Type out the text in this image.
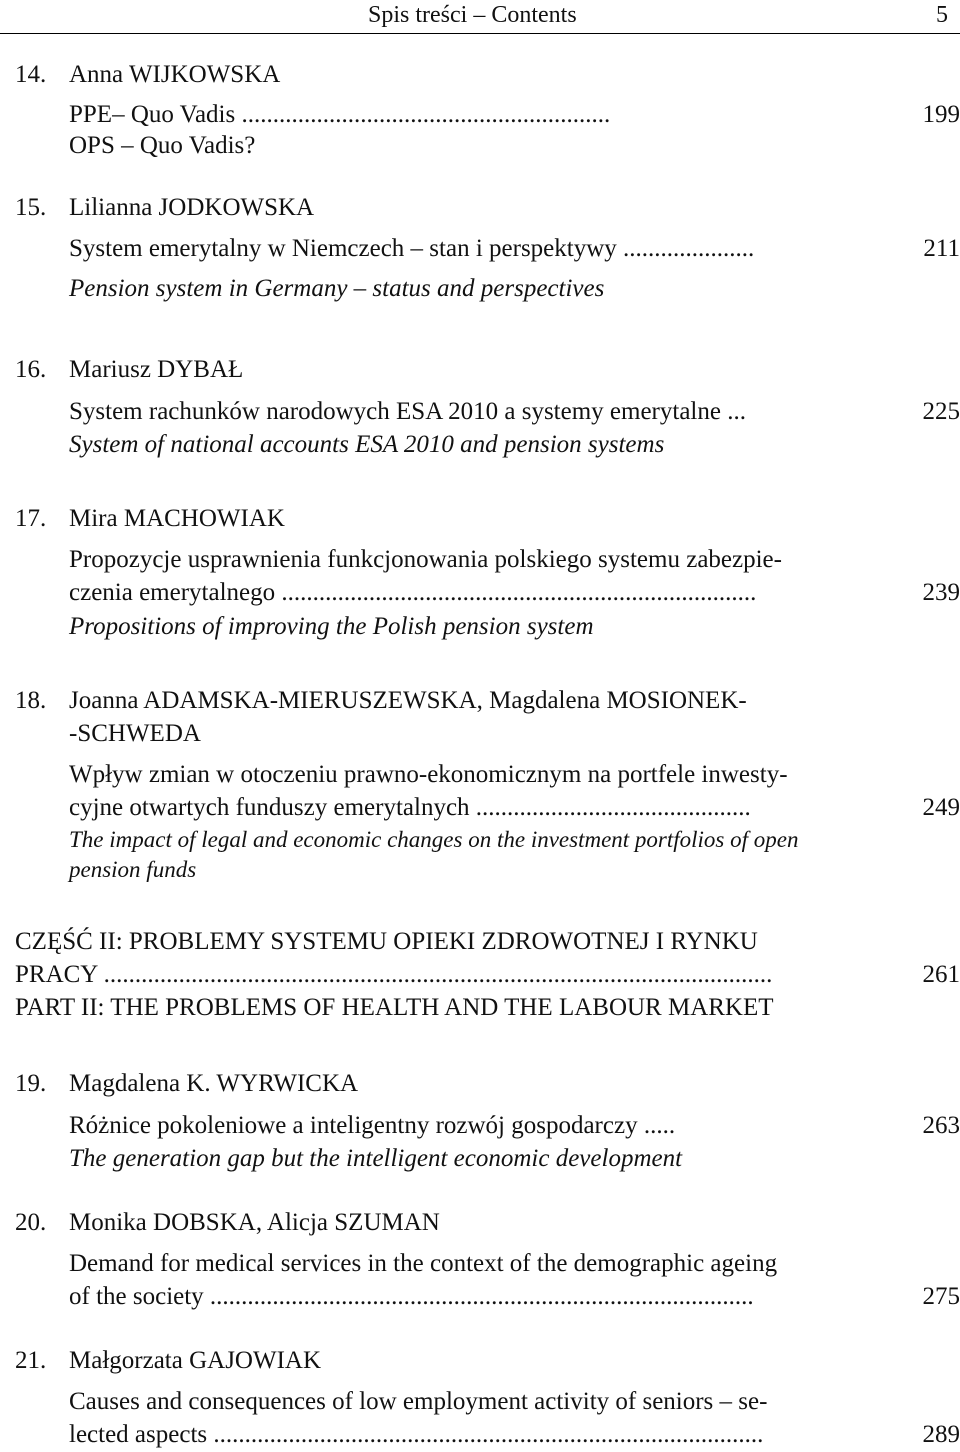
Spis treści – Contents	5
14. Anna WIJKOWSKA
PPE– Quo Vadis ...........................................................	199
OPS – Quo Vadis?
15. Lilianna JODKOWSKA
System emerytalny w Niemczech – stan i perspektywy .....................	211
Pension system in Germany – status and perspectives
16. Mariusz DYBAŁ
System rachunków narodowych ESA 2010 a systemy emerytalne ...	225
System of national accounts ESA 2010 and pension systems
17. Mira MACHOWIAK
Propozycje usprawnienia funkcjonowania polskiego systemu zabezpie-
czenia emerytalnego ............................................................................	239
Propositions of improving the Polish pension system
18. Joanna ADAMSKA-MIERUSZEWSKA, Magdalena MOSIONEK-
-SCHWEDA
Wpływ zmian w otoczeniu prawno-ekonomicznym na portfele inwesty-
cyjne otwartych funduszy emerytalnych ............................................	249
The impact of legal and economic changes on the investment portfolios of open
pension funds
CZĘŚĆ II: PROBLEMY SYSTEMU OPIEKI ZDROWOTNEJ I RYNKU
PRACY ...........................................................................................................	261
PART II: THE PROBLEMS OF HEALTH AND THE LABOUR MARKET
19. Magdalena K. WYRWICKA
Różnice pokoleniowe a inteligentny rozwój gospodarczy .....	263
The generation gap but the intelligent economic development
20. Monika DOBSKA, Alicja SZUMAN
Demand for medical services in the context of the demographic ageing
of the society .......................................................................................	275
21. Małgorzata GAJOWIAK
Causes and consequences of low employment activity of seniors – se-
lected aspects ........................................................................................	289
